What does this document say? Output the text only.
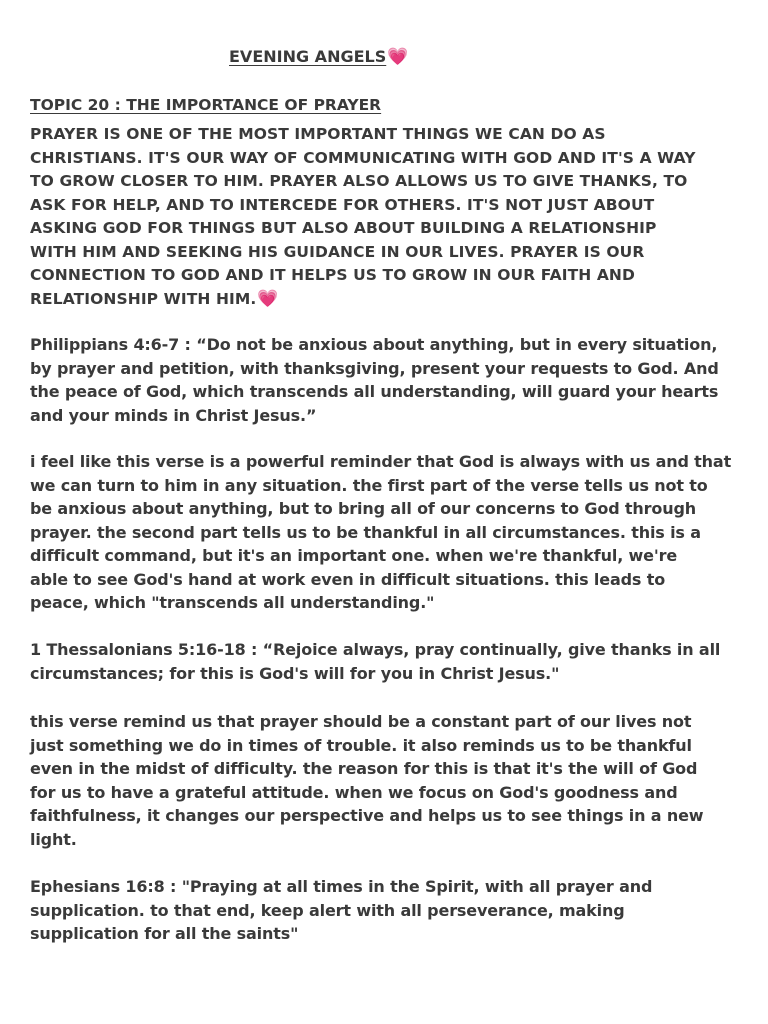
EVENING ANGELS💗
TOPIC 20 : THE IMPORTANCE OF PRAYER
PRAYER IS ONE OF THE MOST IMPORTANT THINGS WE CAN DO AS
CHRISTIANS. IT'S OUR WAY OF COMMUNICATING WITH GOD AND IT'S A WAY
TO GROW CLOSER TO HIM. PRAYER ALSO ALLOWS US TO GIVE THANKS, TO
ASK FOR HELP, AND TO INTERCEDE FOR OTHERS. IT'S NOT JUST ABOUT
ASKING GOD FOR THINGS BUT ALSO ABOUT BUILDING A RELATIONSHIP
WITH HIM AND SEEKING HIS GUIDANCE IN OUR LIVES. PRAYER IS OUR
CONNECTION TO GOD AND IT HELPS US TO GROW IN OUR FAITH AND
RELATIONSHIP WITH HIM.💗
Philippians 4:6-7 : “Do not be anxious about anything, but in every situation,
by prayer and petition, with thanksgiving, present your requests to God. And
the peace of God, which transcends all understanding, will guard your hearts
and your minds in Christ Jesus.”
i feel like this verse is a powerful reminder that God is always with us and that
we can turn to him in any situation. the first part of the verse tells us not to
be anxious about anything, but to bring all of our concerns to God through
prayer. the second part tells us to be thankful in all circumstances. this is a
difficult command, but it's an important one. when we're thankful, we're
able to see God's hand at work even in difficult situations. this leads to
peace, which "transcends all understanding."
1 Thessalonians 5:16-18 : “Rejoice always, pray continually, give thanks in all
circumstances; for this is God's will for you in Christ Jesus."
this verse remind us that prayer should be a constant part of our lives not
just something we do in times of trouble. it also reminds us to be thankful
even in the midst of difficulty. the reason for this is that it's the will of God
for us to have a grateful attitude. when we focus on God's goodness and
faithfulness, it changes our perspective and helps us to see things in a new
light.
Ephesians 16:8 : "Praying at all times in the Spirit, with all prayer and
supplication. to that end, keep alert with all perseverance, making
supplication for all the saints"
